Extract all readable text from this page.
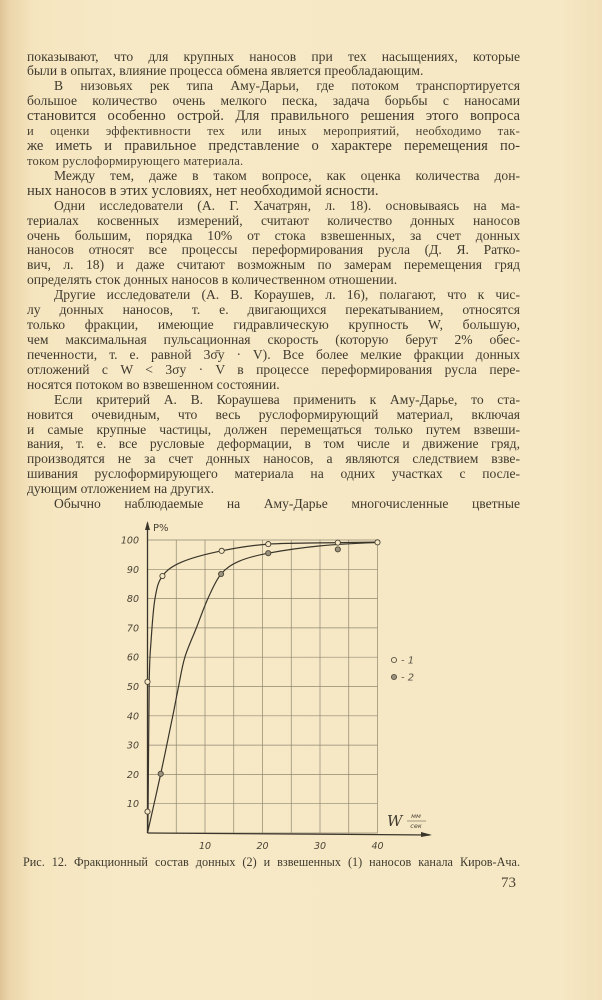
показывают, что для крупных наносов при тех насыщениях, которые
были в опытах, влияние процесса обмена является преобладающим.
В низовьях рек типа Аму-Дарьи, где потоком транспортируется
большое количество очень мелкого песка, задача борьбы с наносами
становится особенно острой. Для правильного решения этого вопроса
и оценки эффективности тех или иных мероприятий, необходимо так-
же иметь и правильное представление о характере перемещения по-
током руслоформирующего материала.
Между тем, даже в таком вопросе, как оценка количества дон-
ных наносов в этих условиях, нет необходимой ясности.
Одни исследователи (А. Г. Хачатрян, л. 18). основываясь на ма-
териалах косвенных измерений, считают количество донных наносов
очень большим, порядка 10% от стока взвешенных, за счет донных
наносов относят все процессы переформирования русла (Д. Я. Ратко-
вич, л. 18) и даже считают возможным по замерам перемещения гряд
определять сток донных наносов в количественном отношении.
Другие исследователи (А. В. Кораушев, л. 16), полагают, что к чис-
лу донных наносов, т. е. двигающихся перекатыванием, относятся
только фракции, имеющие гидравлическую крупность W, большую,
чем максимальная пульсационная скорость (которую берут 2% обес-
печенности, т. е. равной 3σ̄y · V). Все более мелкие фракции донных
отложений с W < 3σy · V в процессе переформирования русла пере-
носятся потоком во взвешенном состоянии.
Если критерий А. В. Кораушева применить к Аму-Дарье, то ста-
новится очевидным, что весь руслоформирующий материал, включая
и самые крупные частицы, должен перемещаться только путем взвеши-
вания, т. е. все русловые деформации, в том числе и движение гряд,
производятся не за счет донных наносов, а являются следствием взве-
шивания руслоформирующего материала на одних участках с после-
дующим отложением на других.
Обычно наблюдаемые на Аму-Дарье многочисленные цветные
10
20
30
40
50
60
70
80
90
100
10	20	30	40
P%
W мм
сек
- 1
- 2
Рис. 12. Фракционный состав донных (2) и взвешенных (1) наносов канала Киров-Ача.
73
